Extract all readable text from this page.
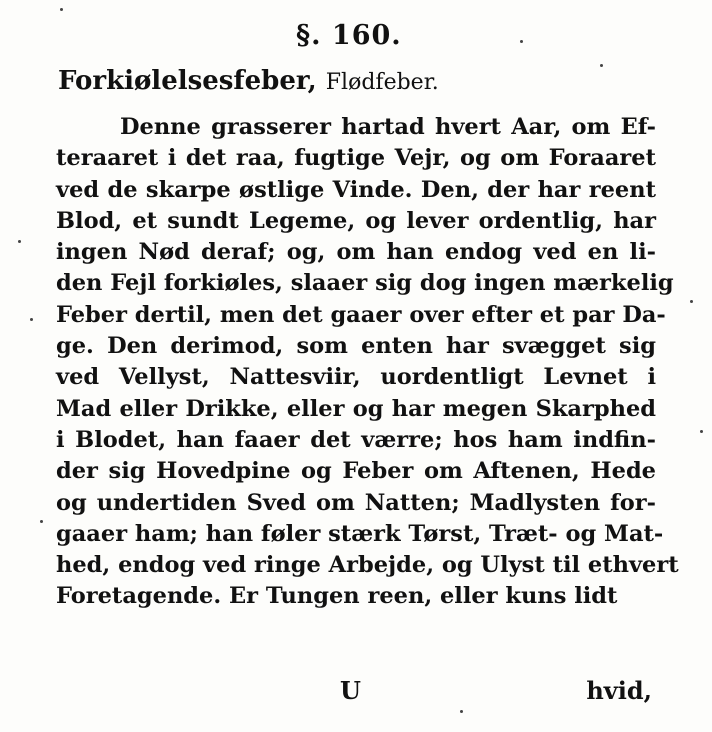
§. 160.
Forkiølelsesfeber, Flødfeber.
Denne grasserer hartad hvert Aar, om Ef-
teraaret i det raa, fugtige Vejr, og om Foraaret
ved de skarpe østlige Vinde. Den, der har reent
Blod, et sundt Legeme, og lever ordentlig, har
ingen Nød deraf; og, om han endog ved en li-
den Fejl forkiøles, slaaer sig dog ingen mærkelig
Feber dertil, men det gaaer over efter et par Da-
ge. Den derimod, som enten har svægget sig
ved Vellyst, Nattesviir, uordentligt Levnet i
Mad eller Drikke, eller og har megen Skarphed
i Blodet, han faaer det værre; hos ham indfin-
der sig Hovedpine og Feber om Aftenen, Hede
og undertiden Sved om Natten; Madlysten for-
gaaer ham; han føler stærk Tørst, Træt- og Mat-
hed, endog ved ringe Arbejde, og Ulyst til ethvert
Foretagende. Er Tungen reen, eller kuns lidt
U	hvid,
